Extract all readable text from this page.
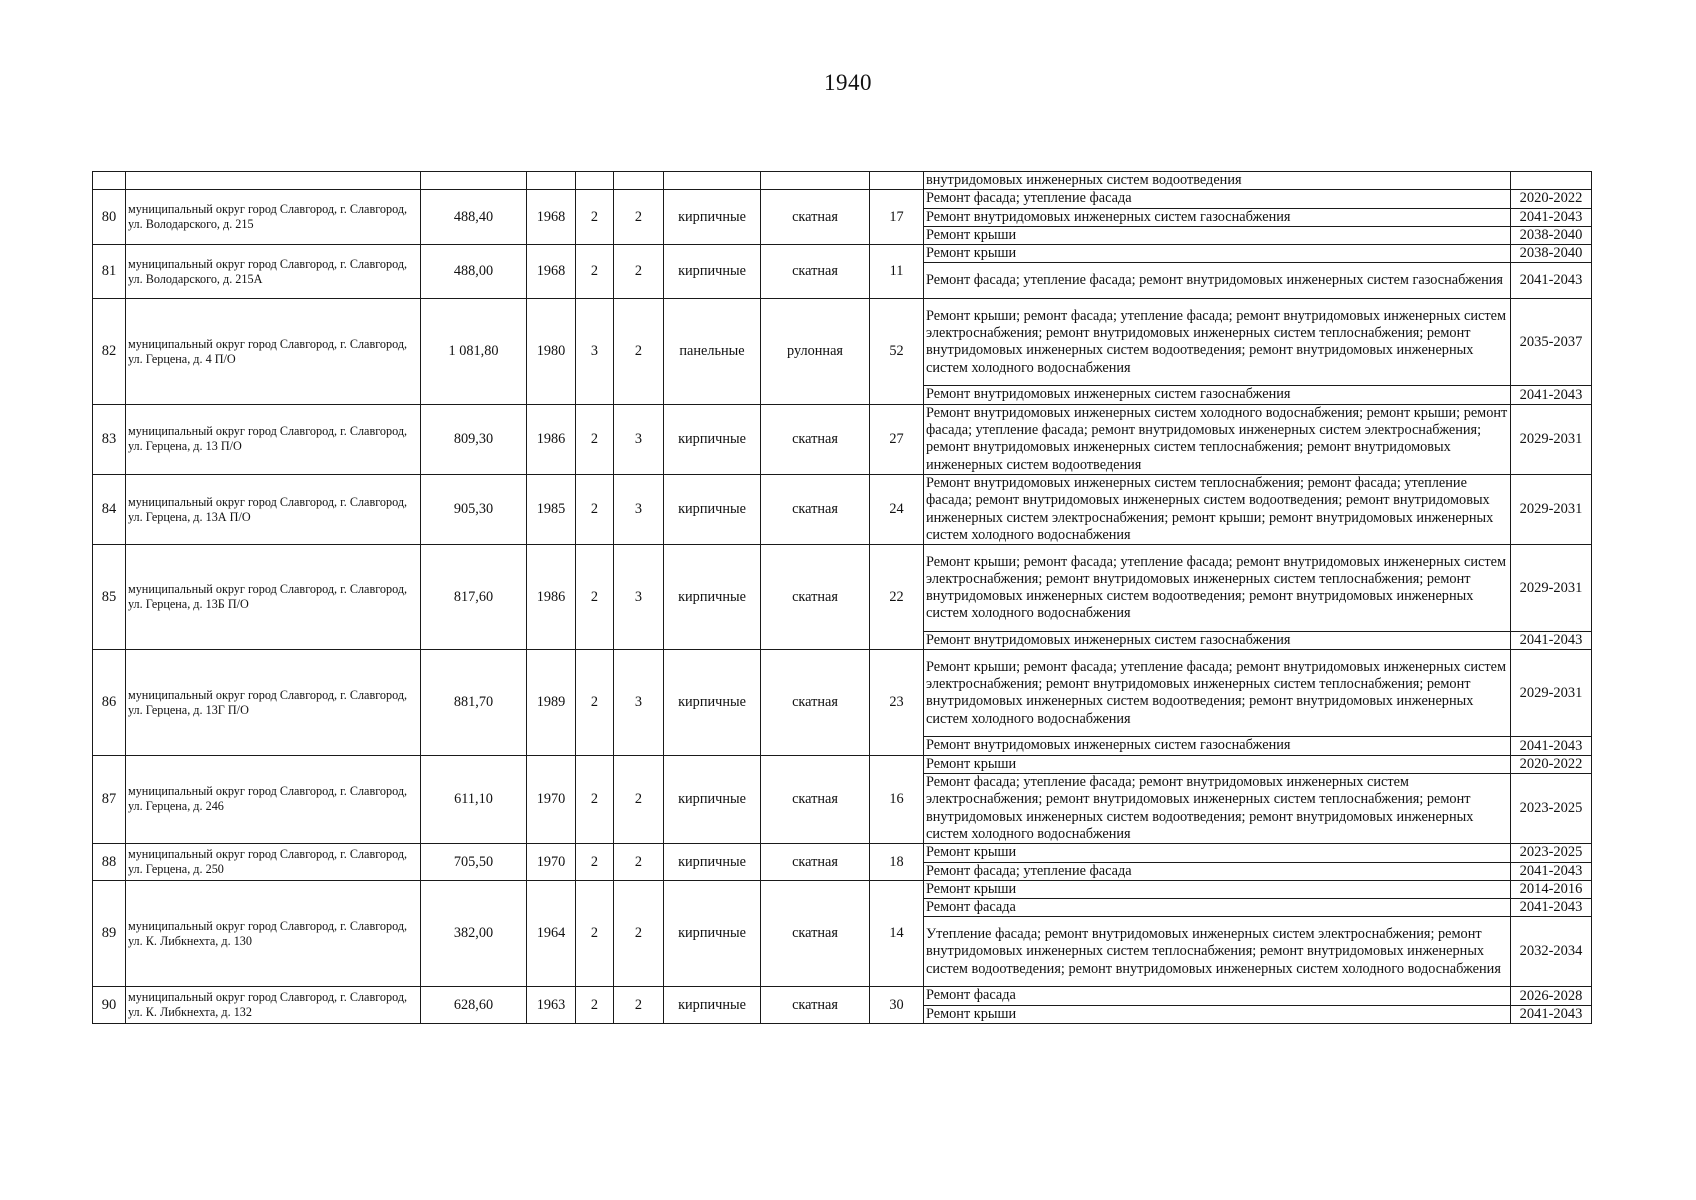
1940
									внутридомовых инженерных систем водоотведения	
80	муниципальный округ город Славгород, г. Славгород, ул. Володарского, д. 215	488,40	1968	2	2	кирпичные	скатная	17	Ремонт фасада; утепление фасада	2020-2022
									Ремонт внутридомовых инженерных систем газоснабжения	2041-2043
									Ремонт крыши	2038-2040
81	муниципальный округ город Славгород, г. Славгород, ул. Володарского, д. 215А	488,00	1968	2	2	кирпичные	скатная	11	Ремонт крыши	2038-2040
									Ремонт фасада; утепление фасада; ремонт внутридомовых инженерных систем газоснабжения	2041-2043
82	муниципальный округ город Славгород, г. Славгород, ул. Герцена, д. 4 П/О	1 081,80	1980	3	2	панельные	рулонная	52	Ремонт крыши; ремонт фасада; утепление фасада; ремонт внутридомовых инженерных систем электроснабжения; ремонт внутридомовых инженерных систем теплоснабжения; ремонт внутридомовых инженерных систем водоотведения; ремонт внутридомовых инженерных систем холодного водоснабжения	2035-2037
									Ремонт внутридомовых инженерных систем газоснабжения	2041-2043
83	муниципальный округ город Славгород, г. Славгород, ул. Герцена, д. 13 П/О	809,30	1986	2	3	кирпичные	скатная	27	Ремонт внутридомовых инженерных систем холодного водоснабжения; ремонт крыши; ремонт фасада; утепление фасада; ремонт внутридомовых инженерных систем электроснабжения; ремонт внутридомовых инженерных систем теплоснабжения; ремонт внутридомовых инженерных систем водоотведения	2029-2031
84	муниципальный округ город Славгород, г. Славгород, ул. Герцена, д. 13А П/О	905,30	1985	2	3	кирпичные	скатная	24	Ремонт внутридомовых инженерных систем теплоснабжения; ремонт фасада; утепление фасада; ремонт внутридомовых инженерных систем водоотведения; ремонт внутридомовых инженерных систем электроснабжения; ремонт крыши; ремонт внутридомовых инженерных систем холодного водоснабжения	2029-2031
85	муниципальный округ город Славгород, г. Славгород, ул. Герцена, д. 13Б П/О	817,60	1986	2	3	кирпичные	скатная	22	Ремонт крыши; ремонт фасада; утепление фасада; ремонт внутридомовых инженерных систем электроснабжения; ремонт внутридомовых инженерных систем теплоснабжения; ремонт внутридомовых инженерных систем водоотведения; ремонт внутридомовых инженерных систем холодного водоснабжения	2029-2031
									Ремонт внутридомовых инженерных систем газоснабжения	2041-2043
86	муниципальный округ город Славгород, г. Славгород, ул. Герцена, д. 13Г П/О	881,70	1989	2	3	кирпичные	скатная	23	Ремонт крыши; ремонт фасада; утепление фасада; ремонт внутридомовых инженерных систем электроснабжения; ремонт внутридомовых инженерных систем теплоснабжения; ремонт внутридомовых инженерных систем водоотведения; ремонт внутридомовых инженерных систем холодного водоснабжения	2029-2031
									Ремонт внутридомовых инженерных систем газоснабжения	2041-2043
87	муниципальный округ город Славгород, г. Славгород, ул. Герцена, д. 246	611,10	1970	2	2	кирпичные	скатная	16	Ремонт крыши	2020-2022
									Ремонт фасада; утепление фасада; ремонт внутридомовых инженерных систем электроснабжения; ремонт внутридомовых инженерных систем теплоснабжения; ремонт внутридомовых инженерных систем водоотведения; ремонт внутридомовых инженерных систем холодного водоснабжения	2023-2025
88	муниципальный округ город Славгород, г. Славгород, ул. Герцена, д. 250	705,50	1970	2	2	кирпичные	скатная	18	Ремонт крыши	2023-2025
									Ремонт фасада; утепление фасада	2041-2043
89	муниципальный округ город Славгород, г. Славгород, ул. К. Либкнехта, д. 130	382,00	1964	2	2	кирпичные	скатная	14	Ремонт крыши	2014-2016
									Ремонт фасада	2041-2043
									Утепление фасада; ремонт внутридомовых инженерных систем электроснабжения; ремонт внутридомовых инженерных систем теплоснабжения; ремонт внутридомовых инженерных систем водоотведения; ремонт внутридомовых инженерных систем холодного водоснабжения	2032-2034
90	муниципальный округ город Славгород, г. Славгород, ул. К. Либкнехта, д. 132	628,60	1963	2	2	кирпичные	скатная	30	Ремонт фасада	2026-2028
									Ремонт крыши	2041-2043
